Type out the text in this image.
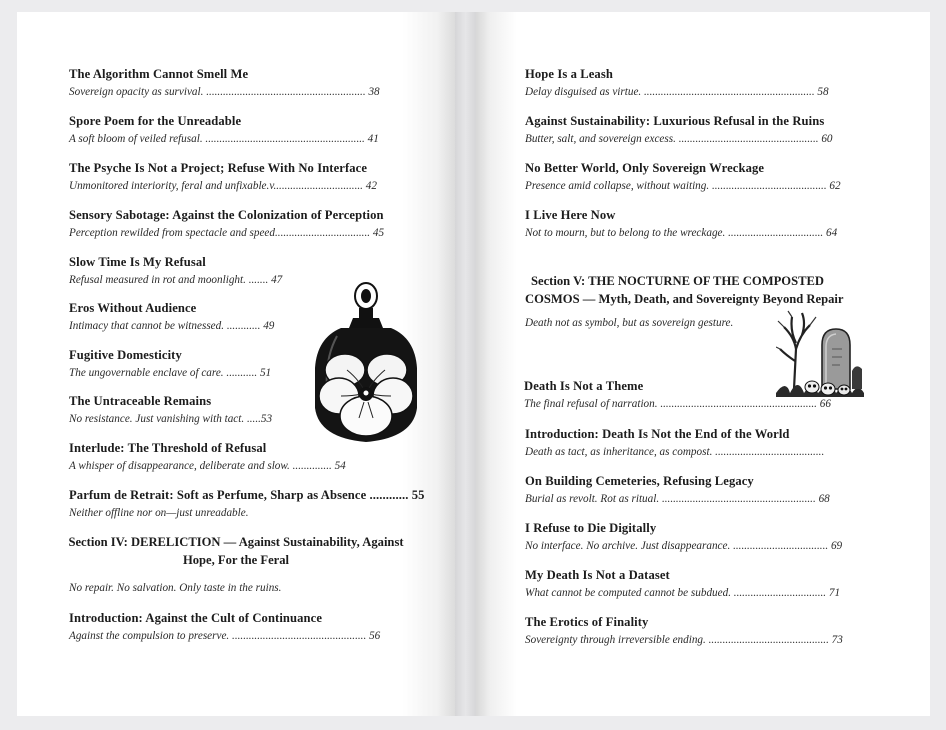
The Algorithm Cannot Smell Me
Sovereign opacity as survival. ......................................................... 38
Spore Poem for the Unreadable
A soft bloom of veiled refusal. ......................................................... 41
The Psyche Is Not a Project; Refuse With No Interface
Unmonitored interiority, feral and unfixable.v................................ 42
Sensory Sabotage: Against the Colonization of Perception
Perception rewilded from spectacle and speed.................................. 45
Slow Time Is My Refusal
Refusal measured in rot and moonlight. ....... 47
Eros Without Audience
Intimacy that cannot be witnessed. ............ 49
Fugitive Domesticity
The ungovernable enclave of care. ........... 51
The Untraceable Remains
No resistance. Just vanishing with tact. .....53
Interlude: The Threshold of Refusal
A whisper of disappearance, deliberate and slow. .............. 54
Parfum de Retrait: Soft as Perfume, Sharp as Absence ............ 55
Neither offline nor on—just unreadable.
Section IV: DERELICTION — Against Sustainability, Against
Hope, For the Feral
No repair. No salvation. Only taste in the ruins.
Introduction: Against the Cult of Continuance
Against the compulsion to preserve. ................................................ 56
Hope Is a Leash
Delay disguised as virtue. ............................................................. 58
Against Sustainability: Luxurious Refusal in the Ruins
Butter, salt, and sovereign excess. .................................................. 60
No Better World, Only Sovereign Wreckage
Presence amid collapse, without waiting. ......................................... 62
I Live Here Now
Not to mourn, but to belong to the wreckage. .................................. 64
Section V: THE NOCTURNE OF THE COMPOSTED
COSMOS — Myth, Death, and Sovereignty Beyond Repair
Death not as symbol, but as sovereign gesture.
Death Is Not a Theme
The final refusal of narration. ........................................................ 66
Introduction: Death Is Not the End of the World
Death as tact, as inheritance, as compost. .......................................
On Building Cemeteries, Refusing Legacy
Burial as revolt. Rot as ritual. ....................................................... 68
I Refuse to Die Digitally
No interface. No archive. Just disappearance. .................................. 69
My Death Is Not a Dataset
What cannot be computed cannot be subdued. ................................. 71
The Erotics of Finality
Sovereignty through irreversible ending. ........................................... 73
